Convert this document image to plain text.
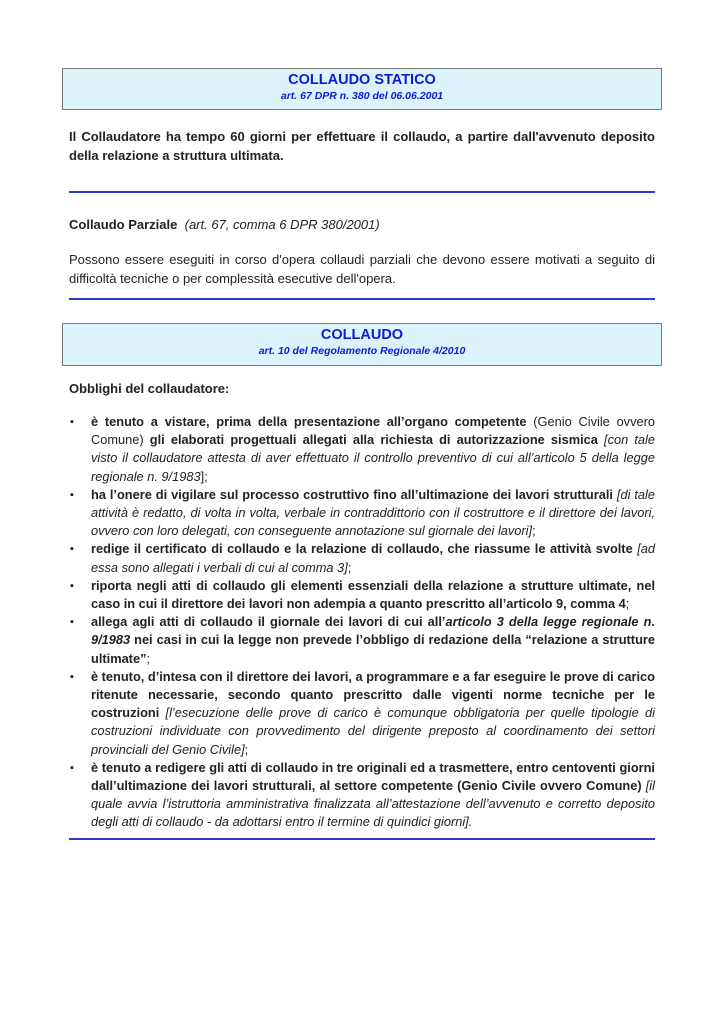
COLLAUDO STATICO
art. 67 DPR n. 380 del 06.06.2001
Il Collaudatore ha tempo 60 giorni per effettuare il collaudo, a partire dall'avvenuto deposito della relazione a struttura ultimata.
Collaudo Parziale (art. 67, comma 6 DPR 380/2001)
Possono essere eseguiti in corso d'opera collaudi parziali che devono essere motivati a seguito di difficoltà tecniche o per complessità esecutive dell'opera.
COLLAUDO
art. 10 del Regolamento Regionale 4/2010
Obblighi del collaudatore:
▪ è tenuto a vistare, prima della presentazione all’organo competente (Genio Civile ovvero Comune) gli elaborati progettuali allegati alla richiesta di autorizzazione sismica [con tale visto il collaudatore attesta di aver effettuato il controllo preventivo di cui all’articolo 5 della legge regionale n. 9/1983];
▪ ha l’onere di vigilare sul processo costruttivo fino all’ultimazione dei lavori strutturali [di tale attività è redatto, di volta in volta, verbale in contraddittorio con il costruttore e il direttore dei lavori, ovvero con loro delegati, con conseguente annotazione sul giornale dei lavori];
▪ redige il certificato di collaudo e la relazione di collaudo, che riassume le attività svolte [ad essa sono allegati i verbali di cui al comma 3];
▪ riporta negli atti di collaudo gli elementi essenziali della relazione a strutture ultimate, nel caso in cui il direttore dei lavori non adempia a quanto prescritto all’articolo 9, comma 4;
▪ allega agli atti di collaudo il giornale dei lavori di cui all’articolo 3 della legge regionale n. 9/1983 nei casi in cui la legge non prevede l’obbligo di redazione della “relazione a strutture ultimate”;
▪ è tenuto, d’intesa con il direttore dei lavori, a programmare e a far eseguire le prove di carico ritenute necessarie, secondo quanto prescritto dalle vigenti norme tecniche per le costruzioni [l’esecuzione delle prove di carico è comunque obbligatoria per quelle tipologie di costruzioni individuate con provvedimento del dirigente preposto al coordinamento dei settori provinciali del Genio Civile];
▪ è tenuto a redigere gli atti di collaudo in tre originali ed a trasmettere, entro centoventi giorni dall’ultimazione dei lavori strutturali, al settore competente (Genio Civile ovvero Comune) [il quale avvia l’istruttoria amministrativa finalizzata all’attestazione dell’avvenuto e corretto deposito degli atti di collaudo - da adottarsi entro il termine di quindici giorni].
